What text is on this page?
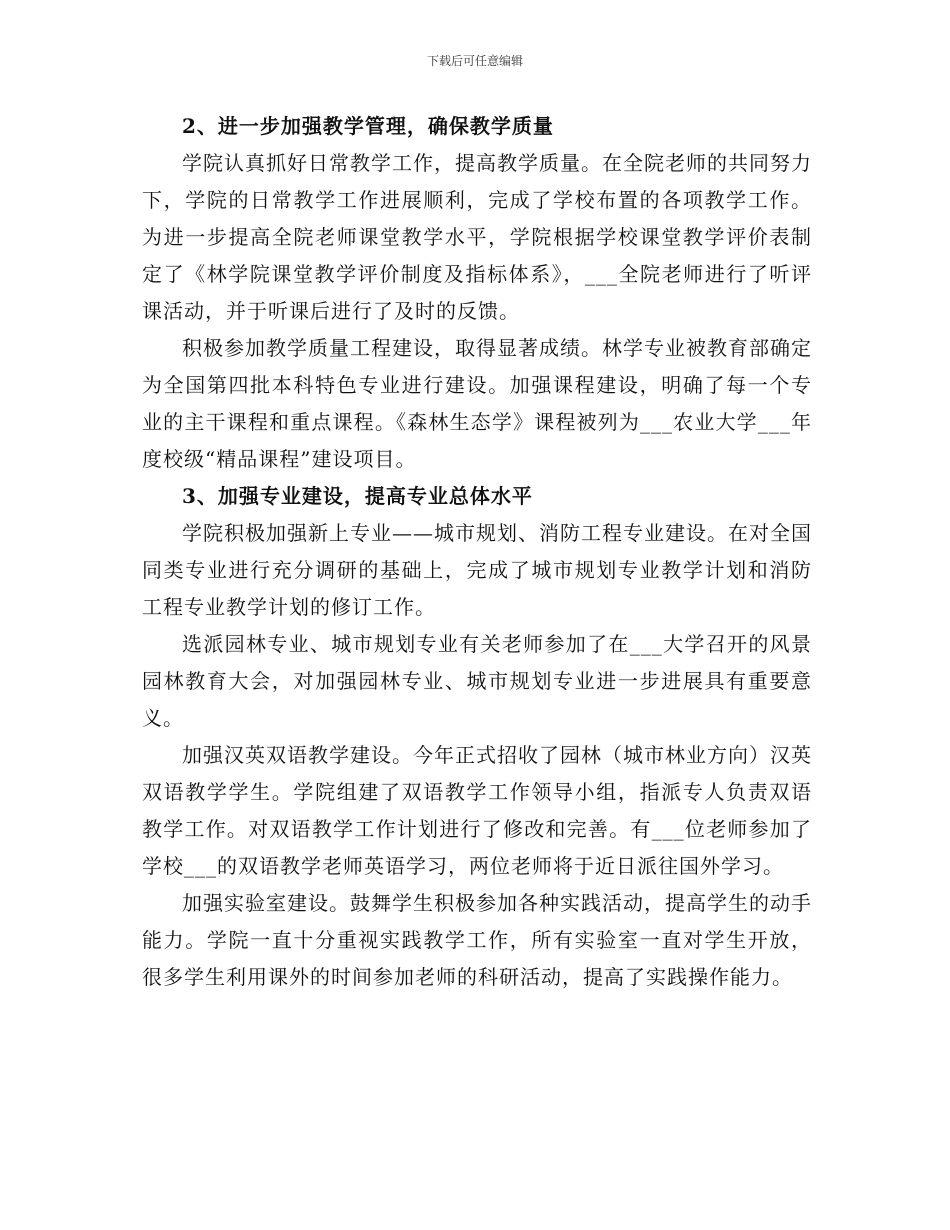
下载后可任意编辑
2、进一步加强教学管理，确保教学质量

学院认真抓好日常教学工作，提高教学质量。在全院老师的共同努力下，学院的日常教学工作进展顺利，完成了学校布置的各项教学工作。为进一步提高全院老师课堂教学水平，学院根据学校课堂教学评价表制定了《林学院课堂教学评价制度及指标体系》，___全院老师进行了听评课活动，并于听课后进行了及时的反馈。

积极参加教学质量工程建设，取得显著成绩。林学专业被教育部确定为全国第四批本科特色专业进行建设。加强课程建设，明确了每一个专业的主干课程和重点课程。《森林生态学》课程被列为___农业大学___年度校级“精品课程”建设项目。

3、加强专业建设，提高专业总体水平

学院积极加强新上专业——城市规划、消防工程专业建设。在对全国同类专业进行充分调研的基础上，完成了城市规划专业教学计划和消防工程专业教学计划的修订工作。

选派园林专业、城市规划专业有关老师参加了在___大学召开的风景园林教育大会，对加强园林专业、城市规划专业进一步进展具有重要意义。

加强汉英双语教学建设。今年正式招收了园林（城市林业方向）汉英双语教学学生。学院组建了双语教学工作领导小组，指派专人负责双语教学工作。对双语教学工作计划进行了修改和完善。有___位老师参加了学校___的双语教学老师英语学习，两位老师将于近日派往国外学习。

加强实验室建设。鼓舞学生积极参加各种实践活动，提高学生的动手能力。学院一直十分重视实践教学工作，所有实验室一直对学生开放，很多学生利用课外的时间参加老师的科研活动，提高了实践操作能力。
